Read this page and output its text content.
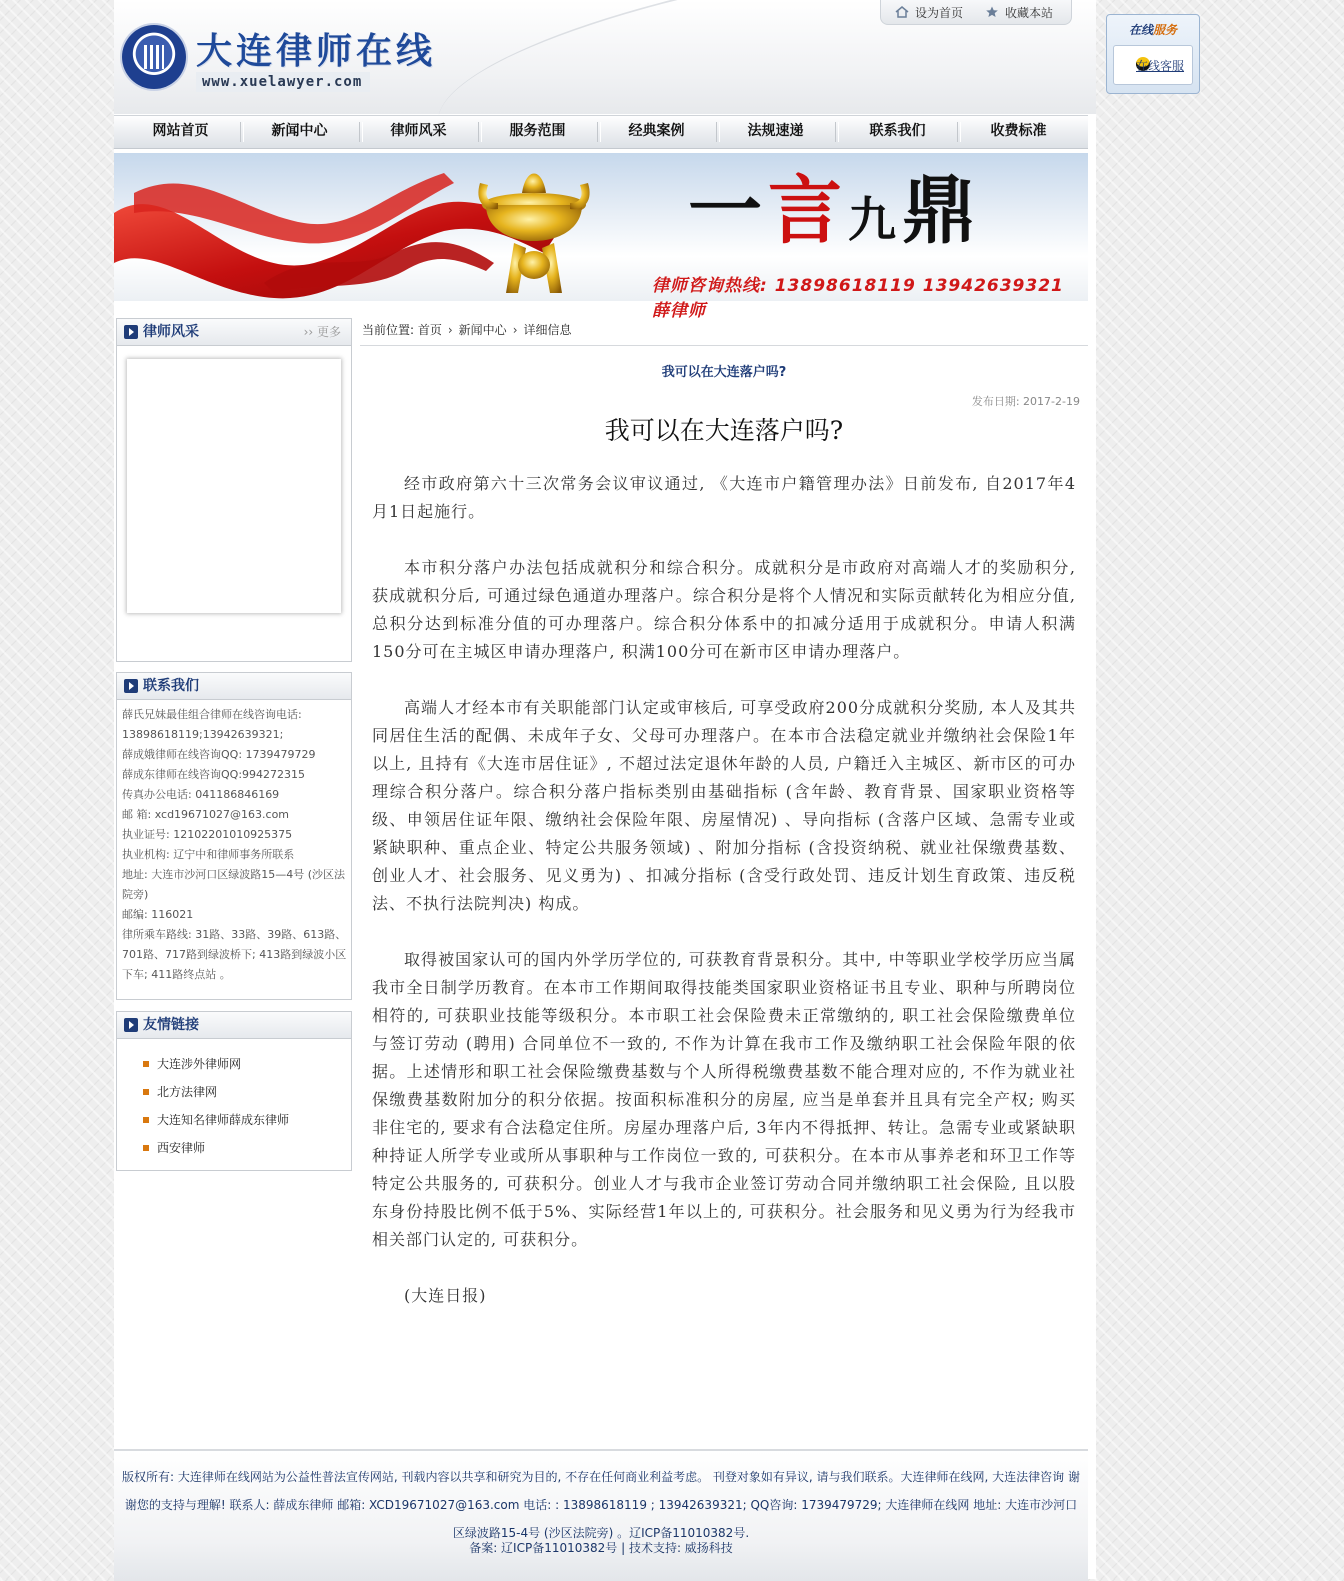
大连律师在线
www.xuelawyer.com
设为首页	收藏本站
网站首页	新闻中心	律师风采	服务范围	经典案例	法规速递	联系我们	收费标准
一言九鼎
律师咨询热线: 13898618119 13942639321 薛律师
律师风采	›› 更多
联系我们
薛氏兄妹最佳组合律师在线咨询电话:
13898618119;13942639321;
薛成娥律师在线咨询QQ: 1739479729
薛成东律师在线咨询QQ:994272315
传真办公电话: 041186846169
邮 箱: xcd19671027@163.com
执业证号: 12102201010925375
执业机构: 辽宁中和律师事务所联系
地址: 大连市沙河口区绿波路15—4号 (沙区法院旁)
邮编: 116021
律所乘车路线: 31路、33路、39路、613路、701路、717路到绿波桥下; 413路到绿波小区下车; 411路终点站 。
友情链接
大连涉外律师网
北方法律网
大连知名律师薛成东律师
西安律师
当前位置: 首页 › 新闻中心 › 详细信息
我可以在大连落户吗?
发布日期: 2017-2-19
我可以在大连落户吗?

经市政府第六十三次常务会议审议通过, 《大连市户籍管理办法》日前发布, 自2017年4月1日起施行。

本市积分落户办法包括成就积分和综合积分。成就积分是市政府对高端人才的奖励积分, 获成就积分后, 可通过绿色通道办理落户。综合积分是将个人情况和实际贡献转化为相应分值, 总积分达到标准分值的可办理落户。综合积分体系中的扣减分适用于成就积分。申请人积满150分可在主城区申请办理落户, 积满100分可在新市区申请办理落户。

高端人才经本市有关职能部门认定或审核后, 可享受政府200分成就积分奖励, 本人及其共同居住生活的配偶、未成年子女、父母可办理落户。在本市合法稳定就业并缴纳社会保险1年以上, 且持有《大连市居住证》, 不超过法定退休年龄的人员, 户籍迁入主城区、新市区的可办理综合积分落户。综合积分落户指标类别由基础指标 (含年龄、教育背景、国家职业资格等级、申领居住证年限、缴纳社会保险年限、房屋情况) 、导向指标 (含落户区域、急需专业或紧缺职种、重点企业、特定公共服务领域) 、附加分指标 (含投资纳税、就业社保缴费基数、创业人才、社会服务、见义勇为) 、扣减分指标 (含受行政处罚、违反计划生育政策、违反税法、不执行法院判决) 构成。

取得被国家认可的国内外学历学位的, 可获教育背景积分。其中, 中等职业学校学历应当属我市全日制学历教育。在本市工作期间取得技能类国家职业资格证书且专业、职种与所聘岗位相符的, 可获职业技能等级积分。本市职工社会保险费未正常缴纳的, 职工社会保险缴费单位与签订劳动 (聘用) 合同单位不一致的, 不作为计算在我市工作及缴纳职工社会保险年限的依据。上述情形和职工社会保险缴费基数与个人所得税缴费基数不能合理对应的, 不作为就业社保缴费基数附加分的积分依据。按面积标准积分的房屋, 应当是单套并且具有完全产权; 购买非住宅的, 要求有合法稳定住所。房屋办理落户后, 3年内不得抵押、转让。急需专业或紧缺职种持证人所学专业或所从事职种与工作岗位一致的, 可获积分。在本市从事养老和环卫工作等特定公共服务的, 可获积分。创业人才与我市企业签订劳动合同并缴纳职工社会保险, 且以股东身份持股比例不低于5%、实际经营1年以上的, 可获积分。社会服务和见义勇为行为经我市相关部门认定的, 可获积分。

(大连日报)

版权所有: 大连律师在线网站为公益性普法宣传网站, 刊载内容以共享和研究为目的, 不存在任何商业利益考虑。 刊登对象如有异议, 请与我们联系。大连律师在线网, 大连法律咨询 谢谢您的支持与理解! 联系人: 薛成东律师 邮箱: XCD19671027@163.com 电话: : 13898618119 ; 13942639321; QQ咨询: 1739479729; 大连律师在线网 地址: 大连市沙河口区绿波路15-4号 (沙区法院旁) 。辽ICP备11010382号.
备案: 辽ICP备11010382号 | 技术支持: 威扬科技
在线服务
在线客服
